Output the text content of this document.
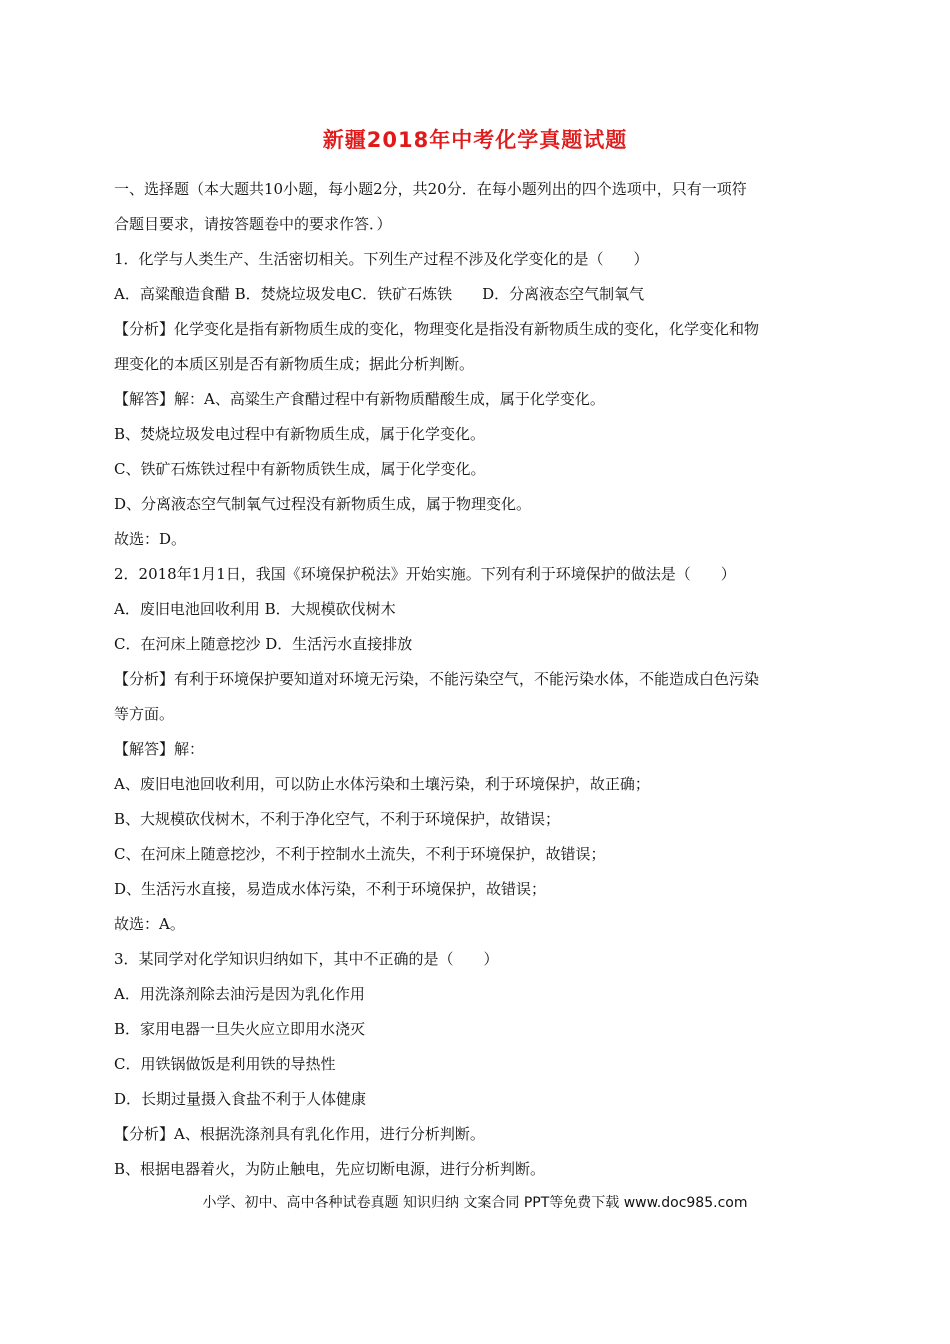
新疆2018年中考化学真题试题
一、选择题（本大题共10小题，每小题2分，共20分．在每小题列出的四个选项中，只有一项符
合题目要求，请按答题卷中的要求作答．）
1．化学与人类生产、生活密切相关。下列生产过程不涉及化学变化的是（　　）
A．高粱酿造食醋 B．焚烧垃圾发电C．铁矿石炼铁　　D．分离液态空气制氧气
【分析】化学变化是指有新物质生成的变化，物理变化是指没有新物质生成的变化，化学变化和物
理变化的本质区别是否有新物质生成；据此分析判断。
【解答】解：A、高粱生产食醋过程中有新物质醋酸生成，属于化学变化。
B、焚烧垃圾发电过程中有新物质生成，属于化学变化。
C、铁矿石炼铁过程中有新物质铁生成，属于化学变化。
D、分离液态空气制氧气过程没有新物质生成，属于物理变化。
故选：D。
2．2018年1月1日，我国《环境保护税法》开始实施。下列有利于环境保护的做法是（　　）
A．废旧电池回收利用 B．大规模砍伐树木
C．在河床上随意挖沙 D．生活污水直接排放
【分析】有利于环境保护要知道对环境无污染，不能污染空气，不能污染水体，不能造成白色污染
等方面。
【解答】解：
A、废旧电池回收利用，可以防止水体污染和土壤污染，利于环境保护，故正确；
B、大规模砍伐树木，不利于净化空气，不利于环境保护，故错误；
C、在河床上随意挖沙，不利于控制水土流失，不利于环境保护，故错误；
D、生活污水直接，易造成水体污染，不利于环境保护，故错误；
故选：A。
3．某同学对化学知识归纳如下，其中不正确的是（　　）
A．用洗涤剂除去油污是因为乳化作用
B．家用电器一旦失火应立即用水浇灭
C．用铁锅做饭是利用铁的导热性
D．长期过量摄入食盐不利于人体健康
【分析】A、根据洗涤剂具有乳化作用，进行分析判断。
B、根据电器着火，为防止触电，先应切断电源，进行分析判断。
小学、初中、高中各种试卷真题 知识归纳 文案合同 PPT等免费下载 www.doc985.com
